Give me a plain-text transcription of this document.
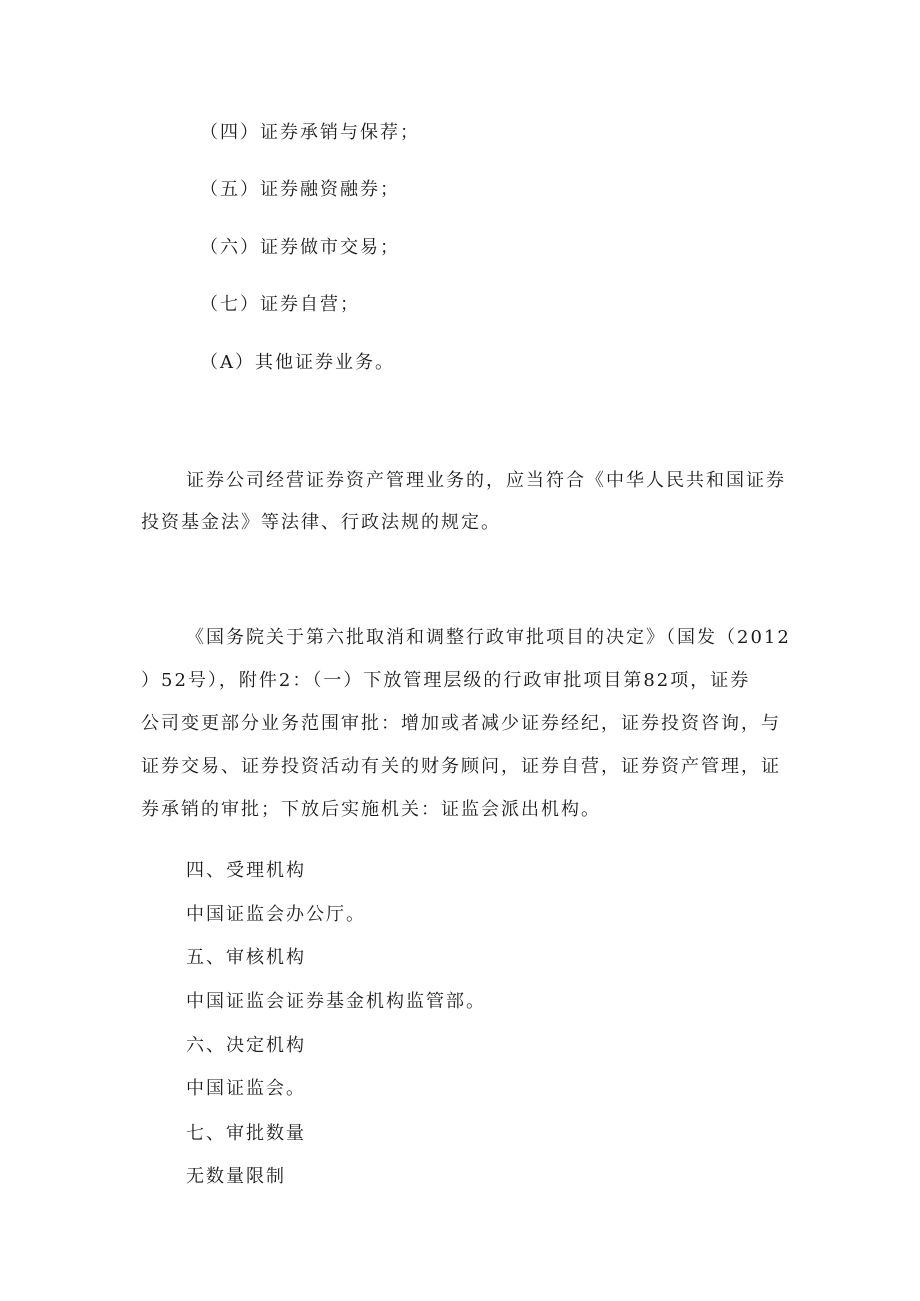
（四）证券承销与保荐；
（五）证券融资融券；
（六）证券做市交易；
（七）证券自营；
（A）其他证券业务。
证券公司经营证券资产管理业务的，应当符合《中华人民共和国证券
投资基金法》等法律、行政法规的规定。
《国务院关于第六批取消和调整行政审批项目的决定》（国发（2012
）52号），附件2：（一）下放管理层级的行政审批项目第82项，证券
公司变更部分业务范围审批：增加或者减少证券经纪，证券投资咨询，与
证券交易、证券投资活动有关的财务顾问，证券自营，证券资产管理，证
券承销的审批；下放后实施机关：证监会派出机构。
四、受理机构
中国证监会办公厅。
五、审核机构
中国证监会证券基金机构监管部。
六、决定机构
中国证监会。
七、审批数量
无数量限制
